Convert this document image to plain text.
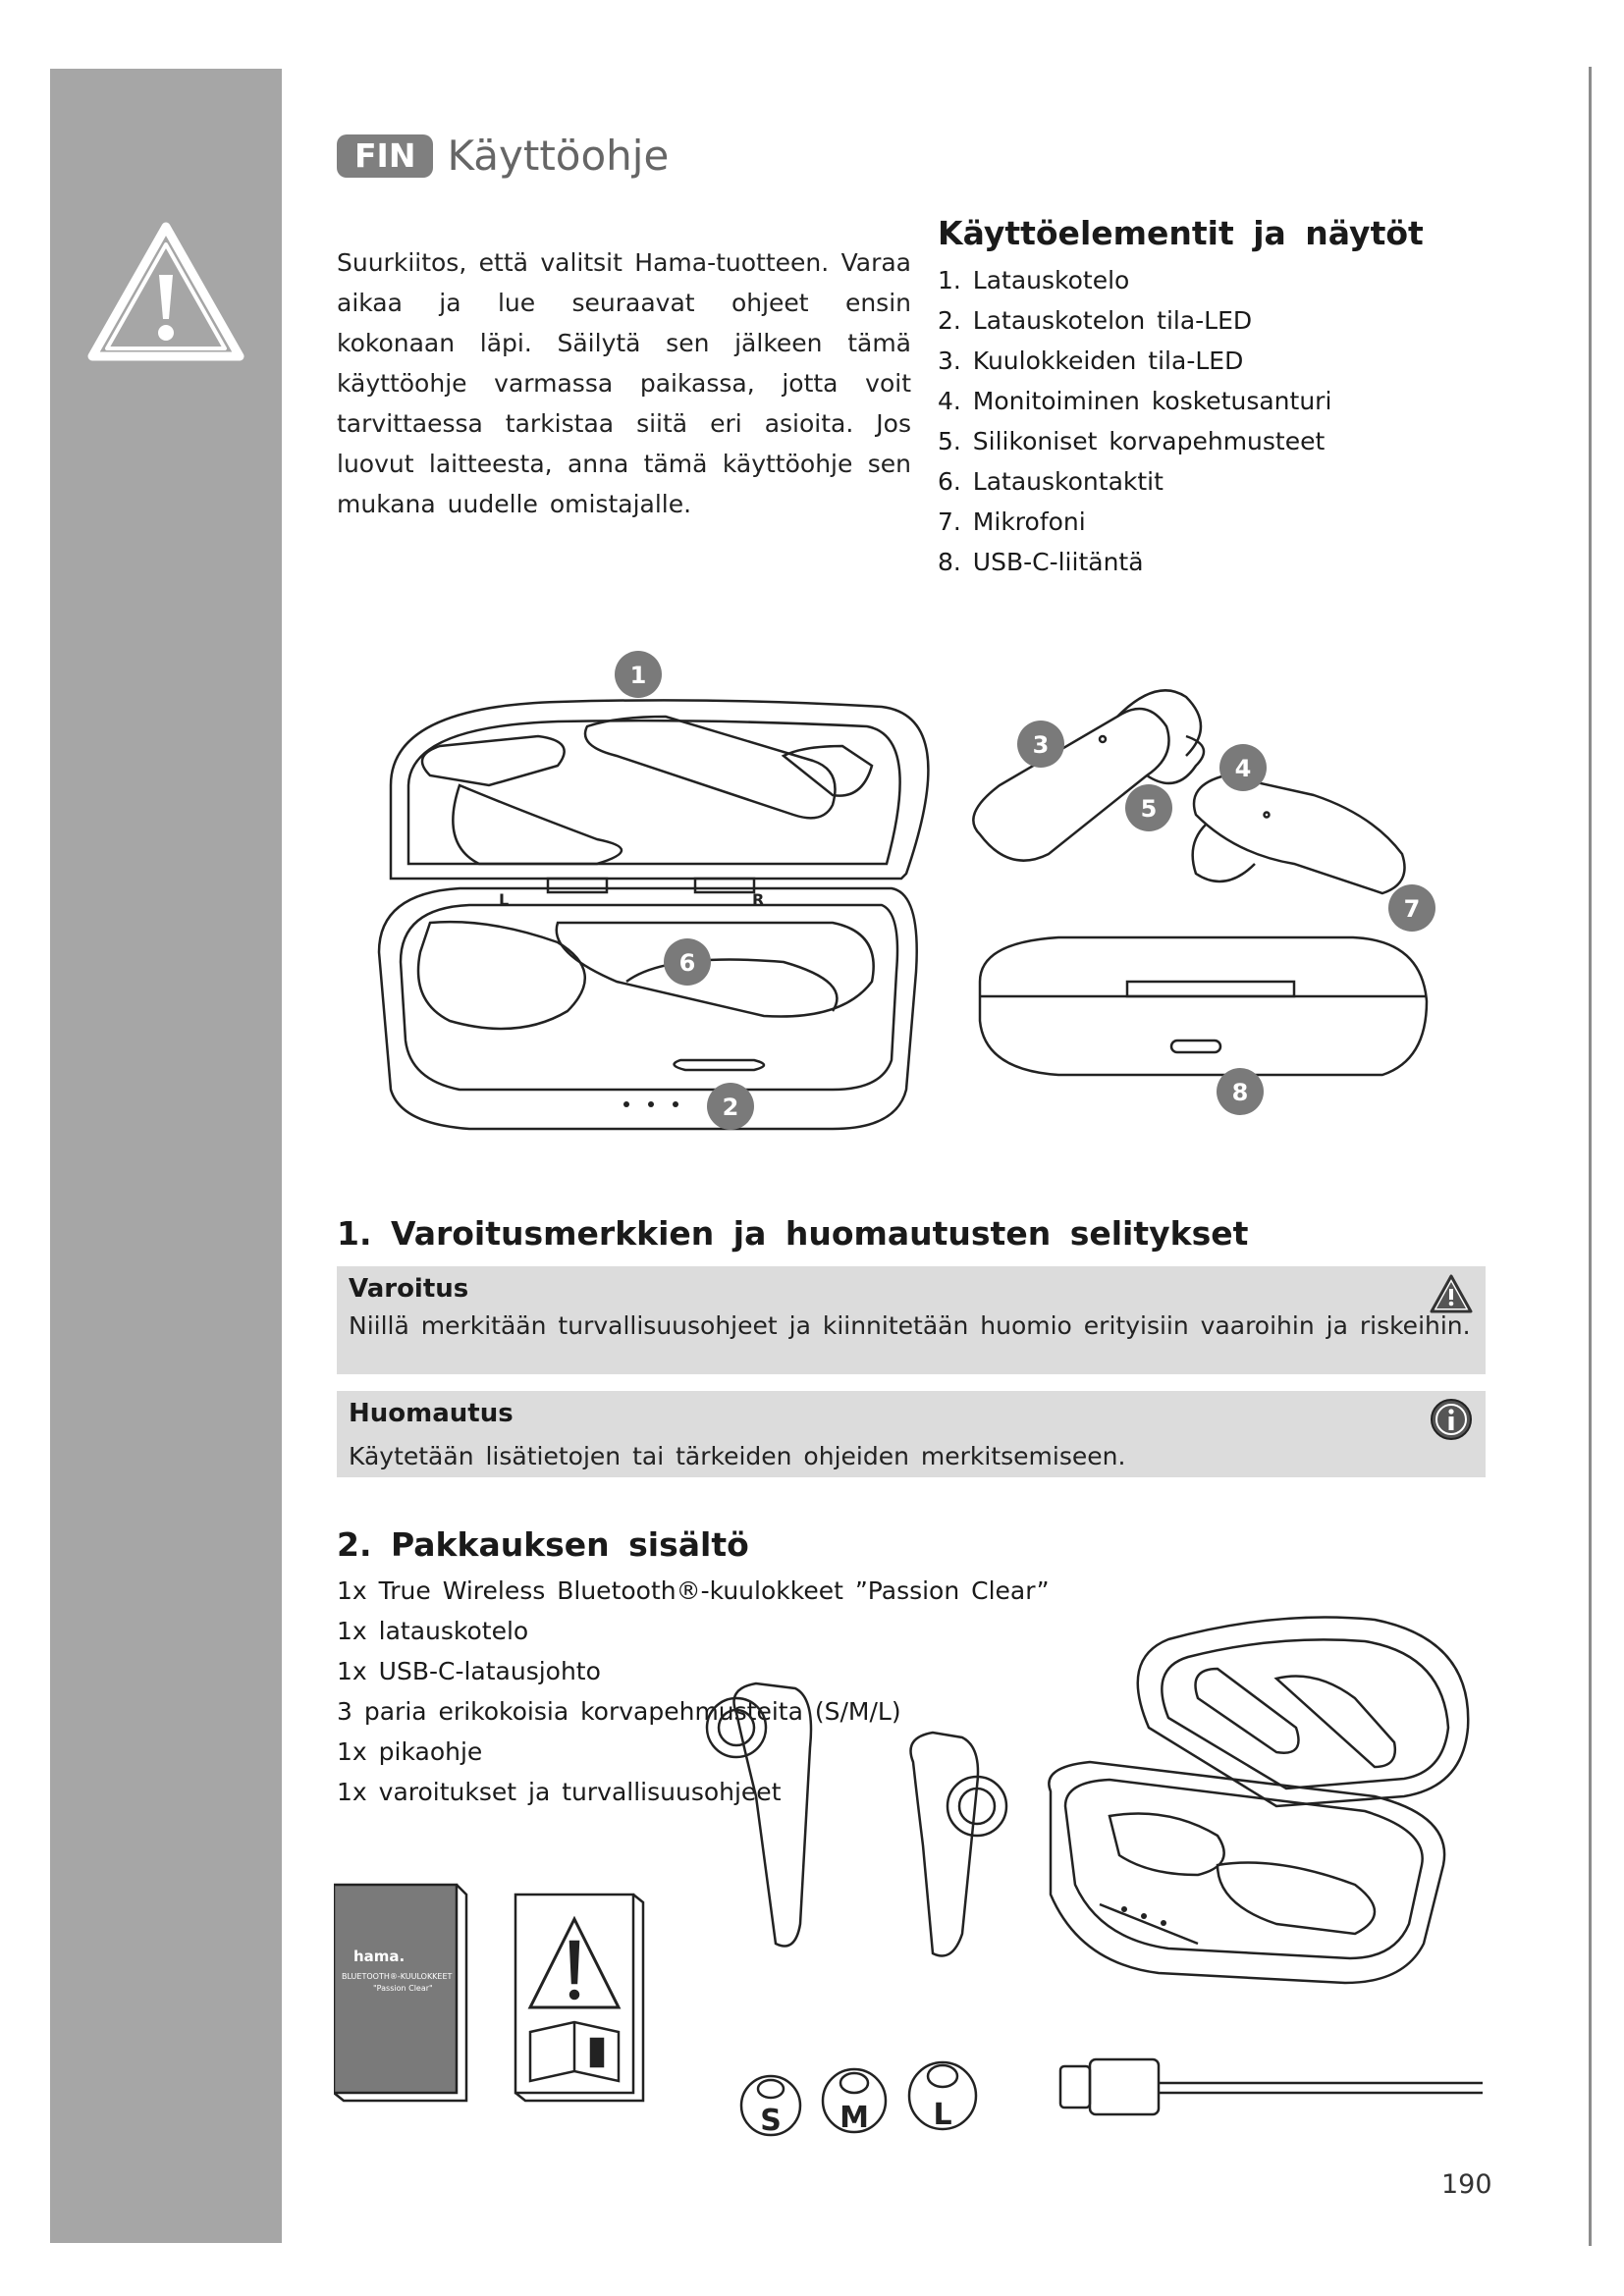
FIN Käyttöohje

Suurkiitos, että valitsit Hama-tuotteen. Varaa aikaa ja lue seuraavat ohjeet ensin kokonaan läpi. Säilytä sen jälkeen tämä käyttöohje varmassa paikassa, jotta voit tarvittaessa tarkistaa siitä eri asioita. Jos luovut laitteesta, anna tämä käyttöohje sen mukana uudelle omistajalle.

Käyttöelementit ja näytöt
1. Latauskotelo
2. Latauskotelon tila-LED
3. Kuulokkeiden tila-LED
4. Monitoiminen kosketusanturi
5. Silikoniset korvapehmusteet
6. Latauskontaktit
7. Mikrofoni
8. USB-C-liitäntä
L	R
1
2
3
4
5
6
7
8
1. Varoitusmerkkien ja huomautusten selitykset
Varoitus
Niillä merkitään turvallisuusohjeet ja kiinnitetään huomio erityisiin vaaroihin ja riskeihin.
Huomautus
Käytetään lisätietojen tai tärkeiden ohjeiden merkitsemiseen.
2. Pakkauksen sisältö
1x True Wireless Bluetooth®-kuulokkeet ”Passion Clear”
1x latauskotelo
1x USB-C-latausjohto
3 paria erikokoisia korvapehmusteita (S/M/L)
1x pikaohje
1x varoitukset ja turvallisuusohjeet
hama.
BLUETOOTH®-KUULOKKEET
"Passion Clear"
S M L
190
